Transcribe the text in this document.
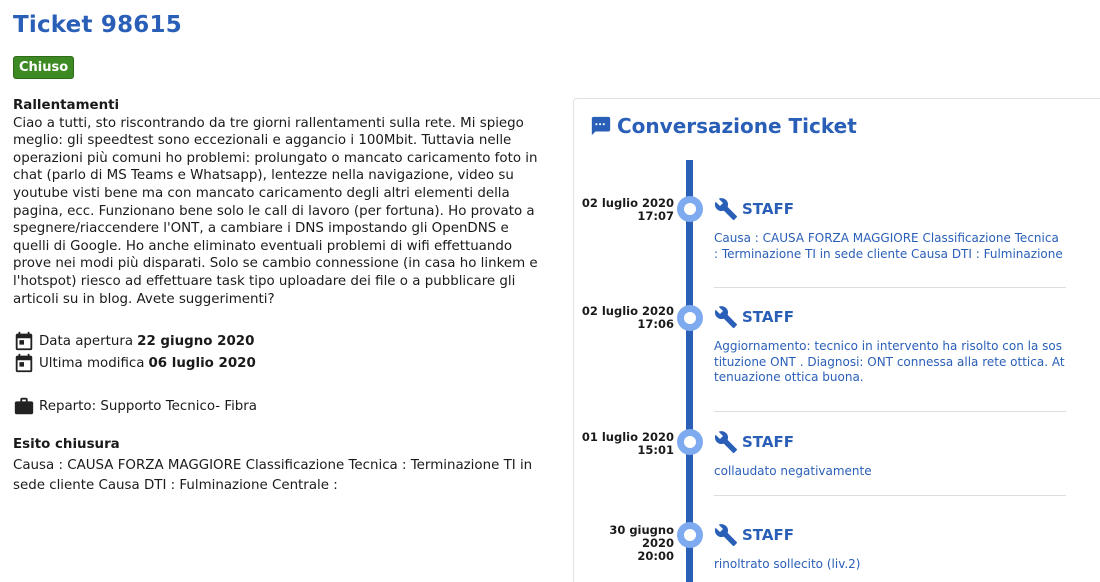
Ticket 98615
Chiuso
Rallentamenti
Ciao a tutti, sto riscontrando da tre giorni rallentamenti sulla rete. Mi spiego meglio: gli speedtest sono eccezionali e aggancio i 100Mbit. Tuttavia nelle operazioni più comuni ho problemi: prolungato o mancato caricamento foto in chat (parlo di MS Teams e Whatsapp), lentezze nella navigazione, video su youtube visti bene ma con mancato caricamento degli altri elementi della pagina, ecc. Funzionano bene solo le call di lavoro (per fortuna). Ho provato a spegnere/riaccendere l'ONT, a cambiare i DNS impostando gli OpenDNS e quelli di Google. Ho anche eliminato eventuali problemi di wifi effettuando prove nei modi più disparati. Solo se cambio connessione (in casa ho linkem e l'hotspot) riesco ad effettuare task tipo uploadare dei file o a pubblicare gli articoli su in blog. Avete suggerimenti?
Data apertura 22 giugno 2020
Ultima modifica 06 luglio 2020
Reparto: Supporto Tecnico- Fibra
Esito chiusura
Causa : CAUSA FORZA MAGGIORE Classificazione Tecnica : Terminazione TI in sede cliente Causa DTI : Fulminazione Centrale :
Conversazione Ticket
02 luglio 2020
17:07	STAFF
Causa : CAUSA FORZA MAGGIORE Classificazione Tecnica : Terminazione TI in sede cliente Causa DTI : Fulminazione
02 luglio 2020
17:06	STAFF
Aggiornamento: tecnico in intervento ha risolto con la sostituzione ONT . Diagnosi: ONT connessa alla rete ottica. Attenuazione ottica buona.
01 luglio 2020
15:01	STAFF
collaudato negativamente
30 giugno 2020
20:00
STAFF
rinoltrato sollecito (liv.2)
